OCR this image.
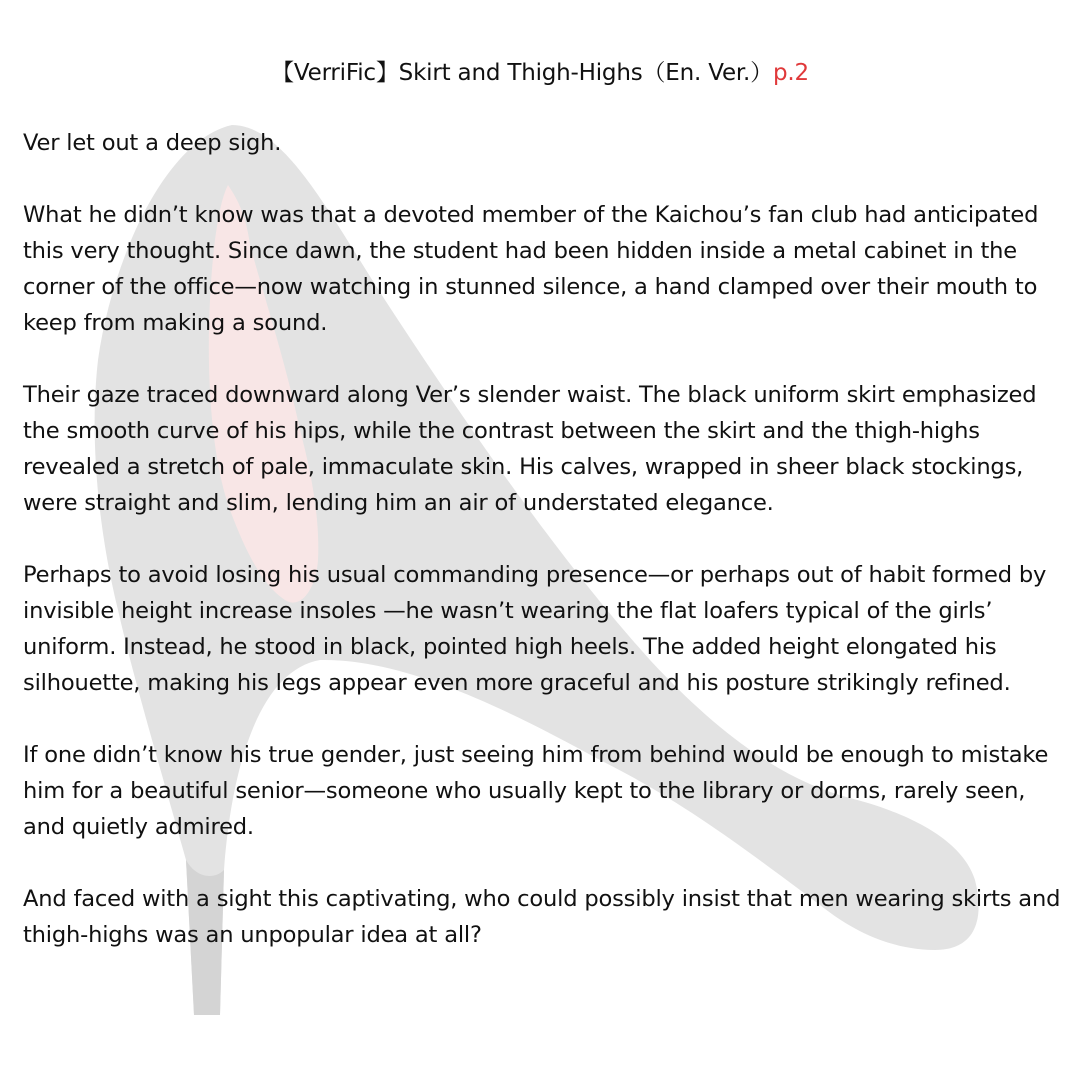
【VerriFic】Skirt and Thigh-Highs（En. Ver.）p.2

Ver let out a deep sigh.

What he didn’t know was that a devoted member of the Kaichou’s fan club had anticipated this very thought. Since dawn, the student had been hidden inside a metal cabinet in the corner of the office—now watching in stunned silence, a hand clamped over their mouth to keep from making a sound.

Their gaze traced downward along Ver’s slender waist. The black uniform skirt emphasized the smooth curve of his hips, while the contrast between the skirt and the thigh-highs revealed a stretch of pale, immaculate skin. His calves, wrapped in sheer black stockings, were straight and slim, lending him an air of understated elegance.

Perhaps to avoid losing his usual commanding presence—or perhaps out of habit formed by invisible height increase insoles —he wasn’t wearing the flat loafers typical of the girls’ uniform. Instead, he stood in black, pointed high heels. The added height elongated his silhouette, making his legs appear even more graceful and his posture strikingly refined.

If one didn’t know his true gender, just seeing him from behind would be enough to mistake him for a beautiful senior—someone who usually kept to the library or dorms, rarely seen, and quietly admired.

And faced with a sight this captivating, who could possibly insist that men wearing skirts and thigh-highs was an unpopular idea at all?
